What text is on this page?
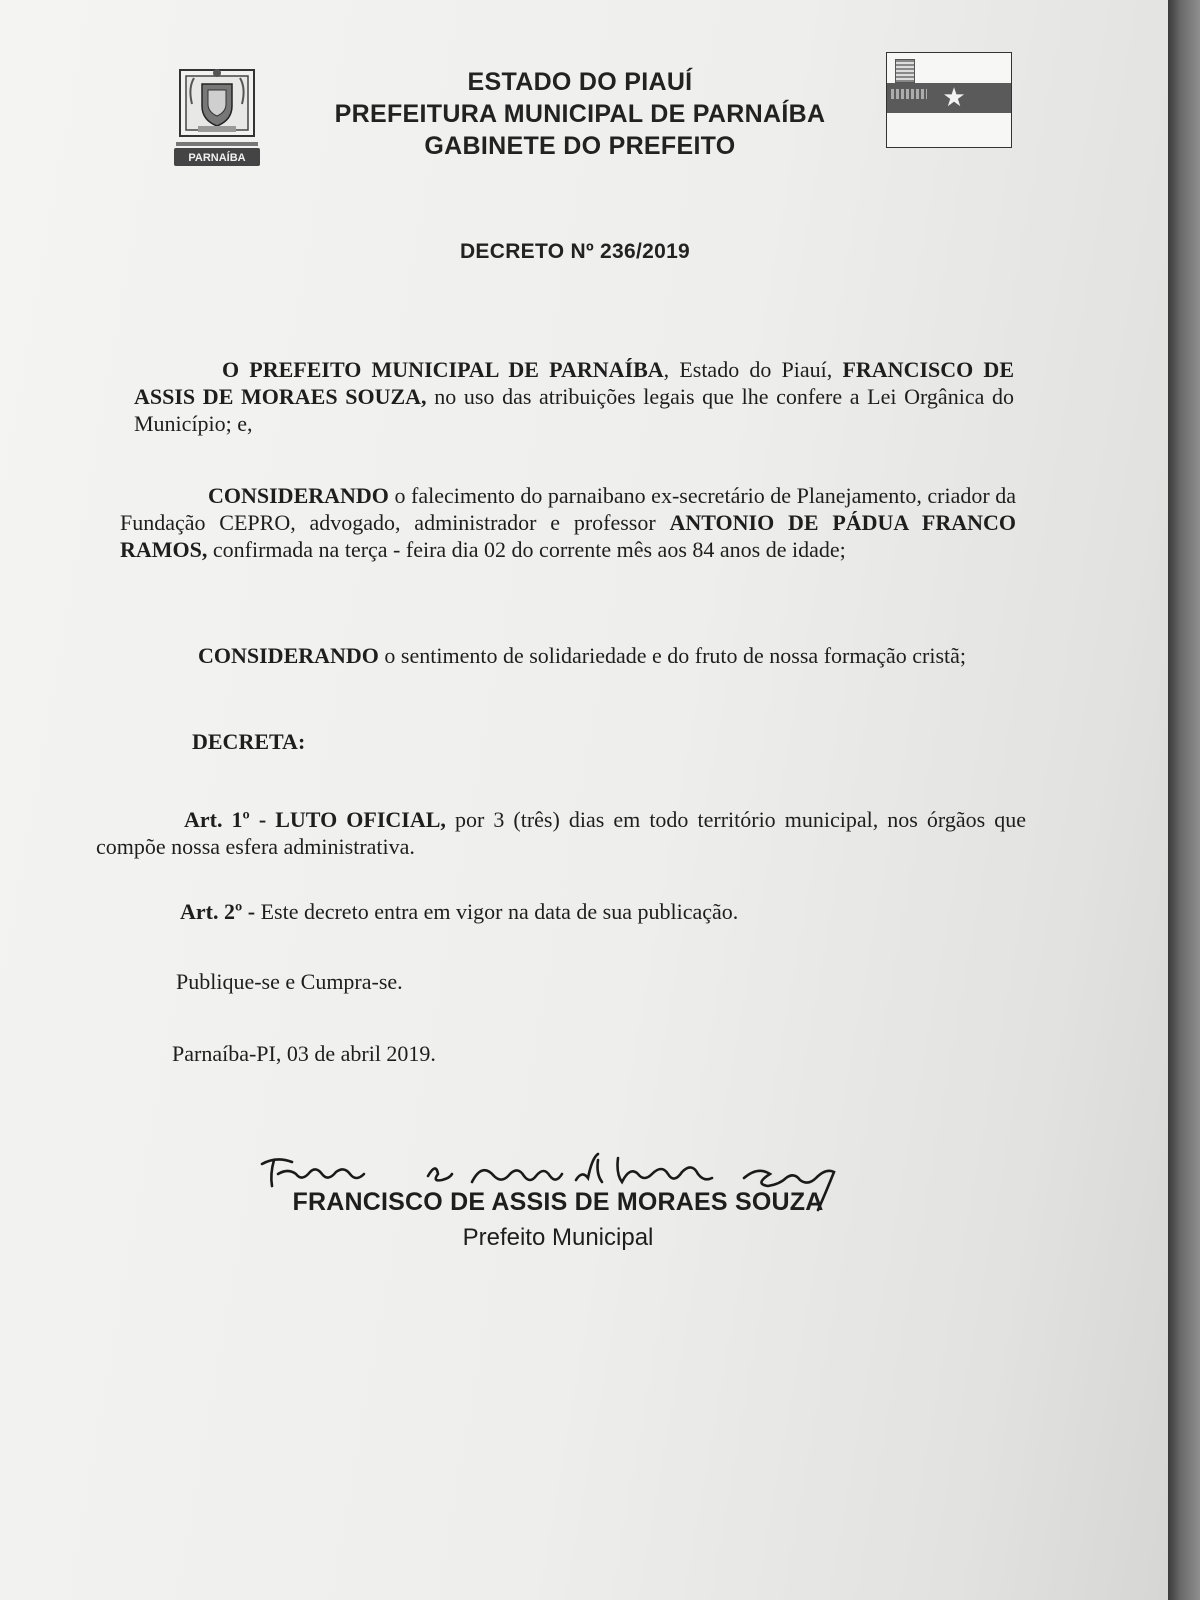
PARNAÍBA
ESTADO DO PIAUÍ
PREFEITURA MUNICIPAL DE PARNAÍBA
GABINETE DO PREFEITO
★
DECRETO Nº 236/2019
O PREFEITO MUNICIPAL DE PARNAÍBA, Estado do Piauí, FRANCISCO DE ASSIS DE MORAES SOUZA, no uso das atribuições legais que lhe confere a Lei Orgânica do Município; e,
CONSIDERANDO o falecimento do parnaibano ex-secretário de Planejamento, criador da Fundação CEPRO, advogado, administrador e professor ANTONIO DE PÁDUA FRANCO RAMOS, confirmada na terça - feira dia 02 do corrente mês aos 84 anos de idade;
CONSIDERANDO o sentimento de solidariedade e do fruto de nossa formação cristã;
DECRETA:
Art. 1º - LUTO OFICIAL, por 3 (três) dias em todo território municipal, nos órgãos que compõe nossa esfera administrativa.
Art. 2º - Este decreto entra em vigor na data de sua publicação.
Publique-se e Cumpra-se.
Parnaíba-PI, 03 de abril 2019.
FRANCISCO DE ASSIS DE MORAES SOUZA
Prefeito Municipal
